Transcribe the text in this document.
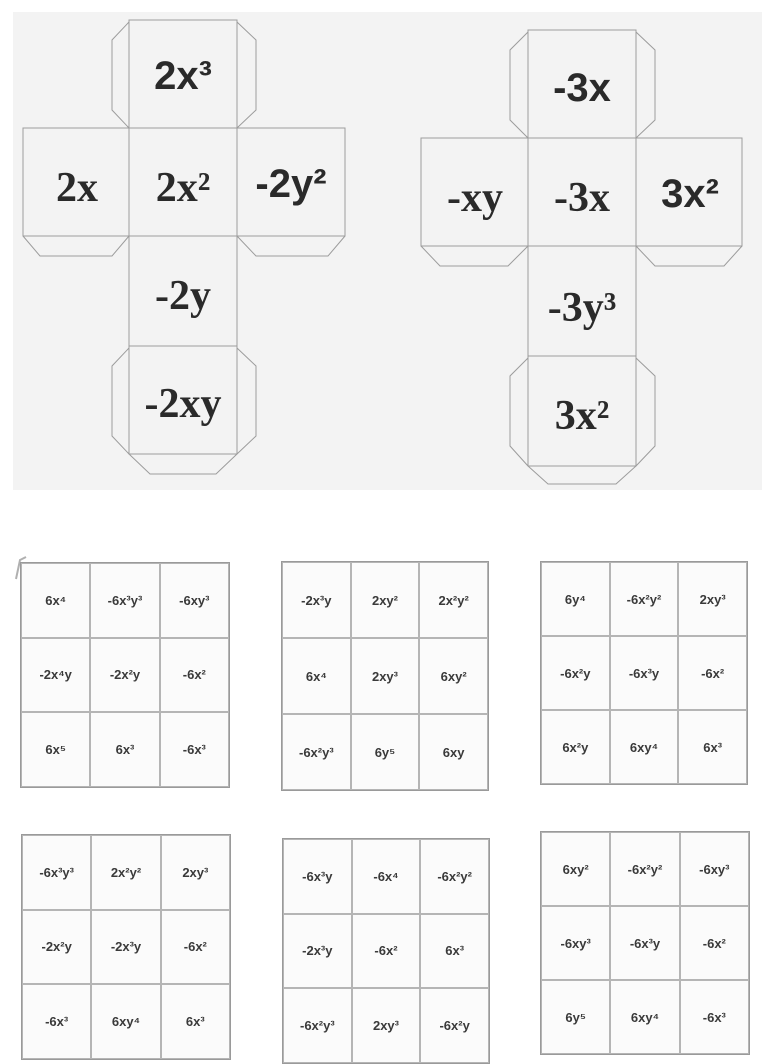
2x³
2x 2x² -2y²
-2y
-2xy
-3x
-xy -3x 3x²
-3y³
3x²
6x⁴	-6x³y³	-6xy³
-2x⁴y	-2x²y	-6x²
6x⁵	6x³	-6x³
-2x³y	2xy²	2x²y²
6x⁴	2xy³	6xy²
-6x²y³	6y⁵	6xy
6y⁴	-6x²y²	2xy³
-6x²y	-6x³y	-6x²
6x²y	6xy⁴	6x³
-6x³y³	2x²y²	2xy³
-2x²y	-2x³y	-6x²
-6x³	6xy⁴	6x³
-6x³y	-6x⁴	-6x²y²
-2x³y	-6x²	6x³
-6x²y³	2xy³	-6x²y
6xy²	-6x²y²	-6xy³
-6xy³	-6x³y	-6x²
6y⁵	6xy⁴	-6x³
